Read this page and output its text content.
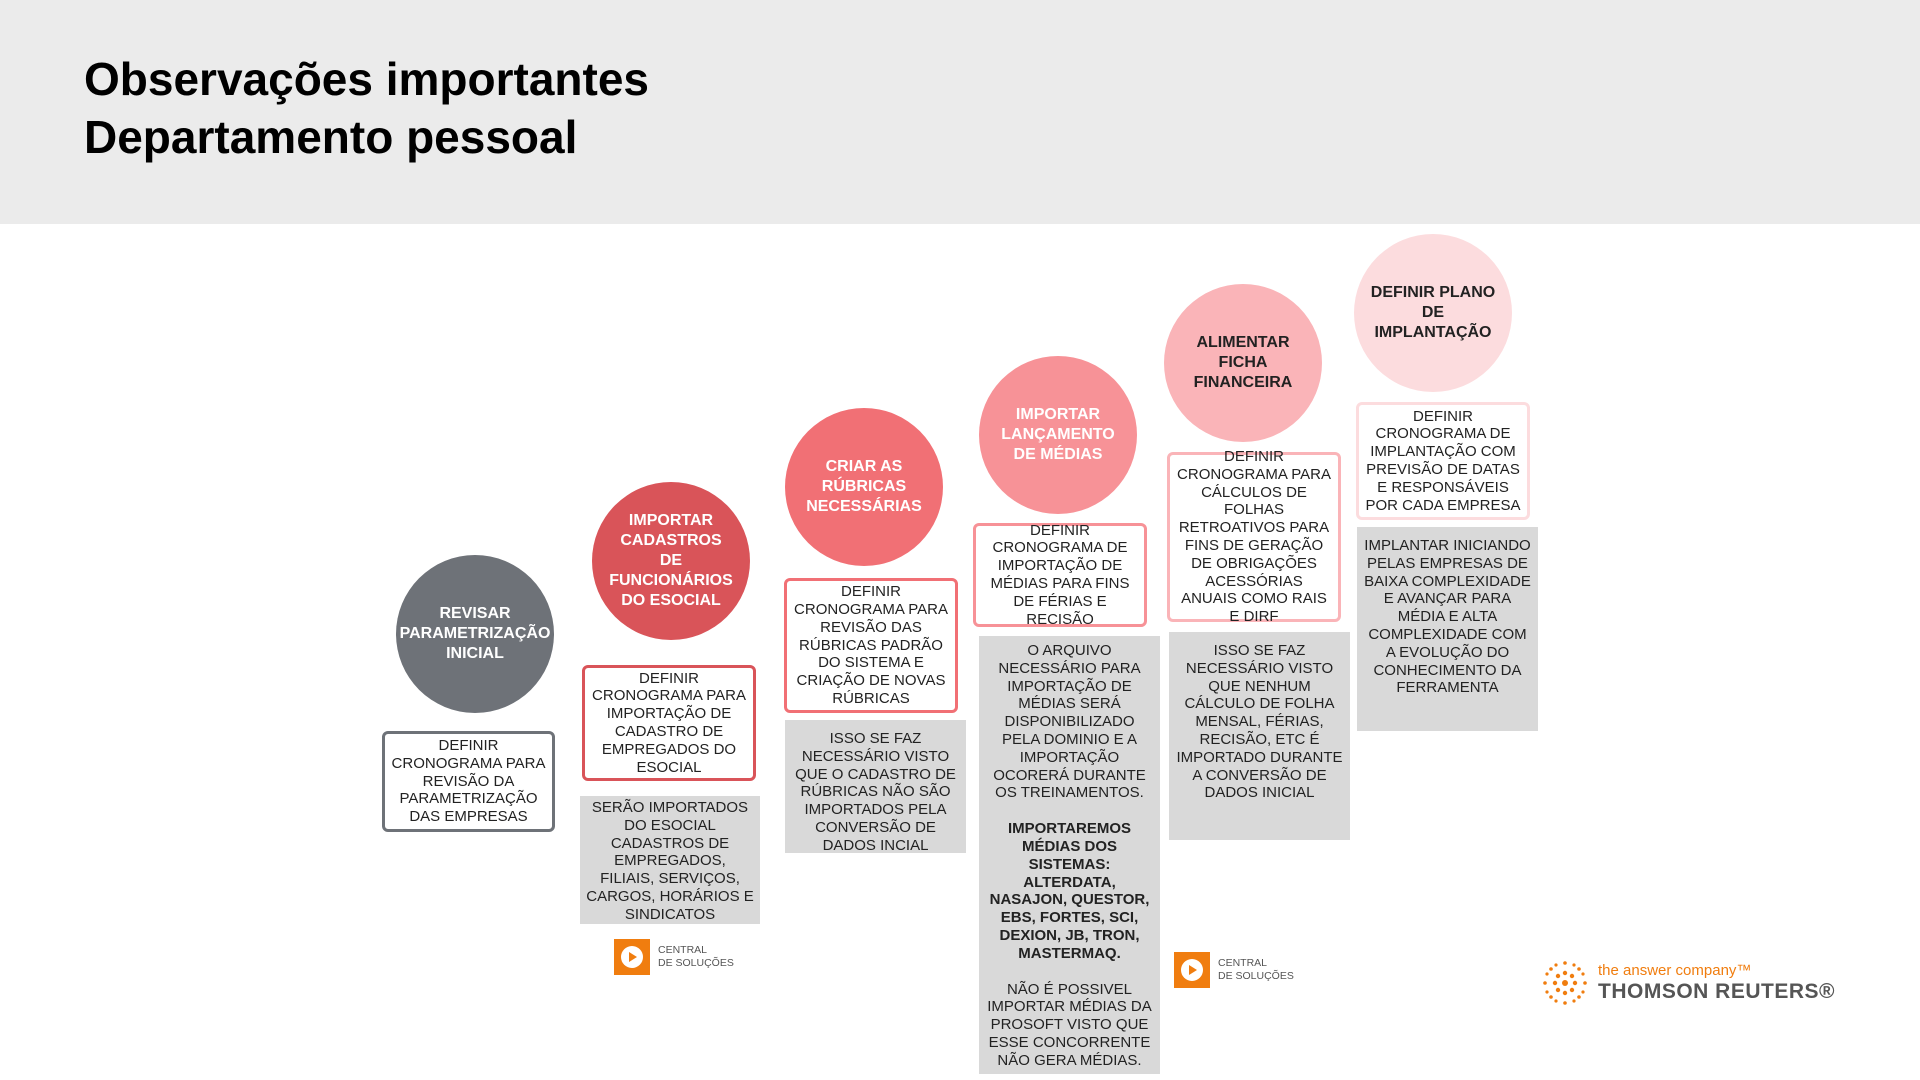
Observações importantes
Departamento pessoal
REVISAR
PARAMETRIZAÇÃO
INICIAL
DEFINIR CRONOGRAMA PARA REVISÃO DA PARAMETRIZAÇÃO DAS EMPRESAS
IMPORTAR
CADASTROS
DE
FUNCIONÁRIOS
DO ESOCIAL
DEFINIR CRONOGRAMA PARA IMPORTAÇÃO DE CADASTRO DE EMPREGADOS DO ESOCIAL
SERÃO IMPORTADOS DO ESOCIAL CADASTROS DE EMPREGADOS, FILIAIS, SERVIÇOS, CARGOS, HORÁRIOS E SINDICATOS
CRIAR AS
RÚBRICAS
NECESSÁRIAS
DEFINIR CRONOGRAMA PARA REVISÃO DAS RÚBRICAS PADRÃO DO SISTEMA E CRIAÇÃO DE NOVAS RÚBRICAS
ISSO SE FAZ NECESSÁRIO VISTO QUE O CADASTRO DE RÚBRICAS NÃO SÃO IMPORTADOS PELA CONVERSÃO DE DADOS INCIAL
IMPORTAR
LANÇAMENTO
DE MÉDIAS
DEFINIR CRONOGRAMA DE IMPORTAÇÃO DE MÉDIAS PARA FINS DE FÉRIAS E RECISÃO
O ARQUIVO NECESSÁRIO PARA IMPORTAÇÃO DE MÉDIAS SERÁ DISPONIBILIZADO PELA DOMINIO E A IMPORTAÇÃO OCORERÁ DURANTE OS TREINAMENTOS.
IMPORTAREMOS MÉDIAS DOS SISTEMAS: ALTERDATA, NASAJON, QUESTOR, EBS, FORTES, SCI, DEXION, JB, TRON, MASTERMAQ.
NÃO É POSSIVEL IMPORTAR MÉDIAS DA PROSOFT VISTO QUE ESSE CONCORRENTE NÃO GERA MÉDIAS.
ALIMENTAR
FICHA
FINANCEIRA
DEFINIR CRONOGRAMA PARA CÁLCULOS DE FOLHAS RETROATIVOS PARA FINS DE GERAÇÃO DE OBRIGAÇÕES ACESSÓRIAS ANUAIS COMO RAIS E DIRF
ISSO SE FAZ NECESSÁRIO VISTO QUE NENHUM CÁLCULO DE FOLHA MENSAL, FÉRIAS, RECISÃO, ETC É IMPORTADO DURANTE A CONVERSÃO DE DADOS INICIAL
DEFINIR PLANO
DE
IMPLANTAÇÃO
DEFINIR CRONOGRAMA DE IMPLANTAÇÃO COM PREVISÃO DE DATAS E RESPONSÁVEIS POR CADA EMPRESA
IMPLANTAR INICIANDO PELAS EMPRESAS DE BAIXA COMPLEXIDADE E AVANÇAR PARA MÉDIA E ALTA COMPLEXIDADE COM A EVOLUÇÃO DO CONHECIMENTO DA FERRAMENTA
CENTRAL
DE SOLUÇÕES	CENTRAL
DE SOLUÇÕES	the answer company™
THOMSON REUTERS®
